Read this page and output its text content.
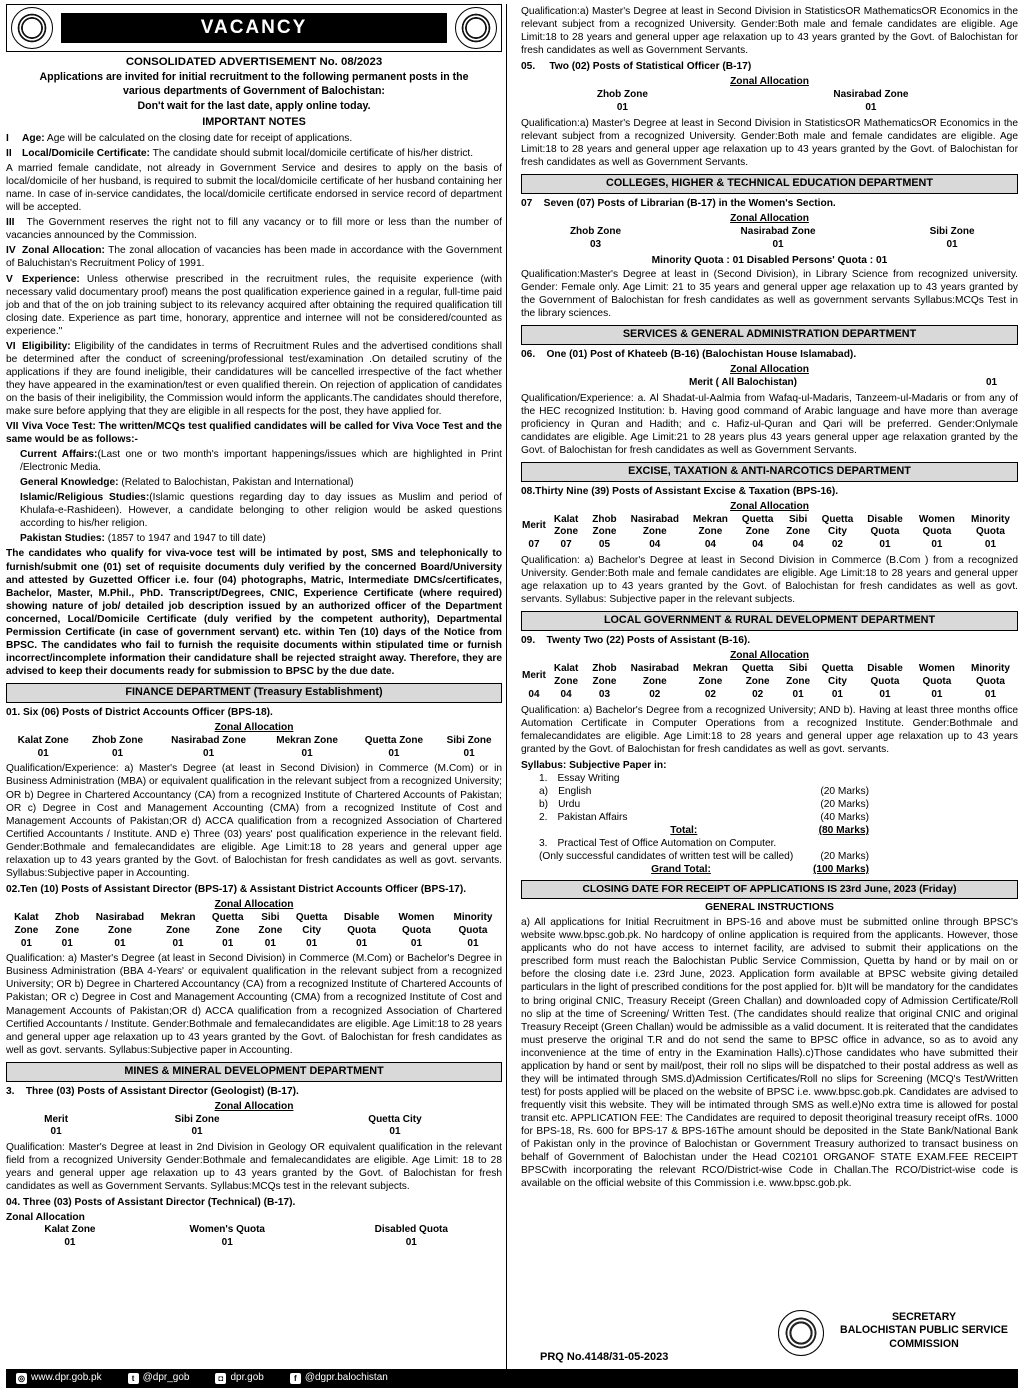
VACANCY
CONSOLIDATED ADVERTISEMENT No. 08/2023
Applications are invited for initial recruitment to the following permanent posts in the
various departments of Government of Balochistan:
Don't wait for the last date, apply online today.
IMPORTANT NOTES
I Age: Age will be calculated on the closing date for receipt of applications.
II Local/Domicile Certificate: The candidate should submit local/domicile certificate of his/her district.
A married female candidate, not already in Government Service and desires to apply on the basis of local/domicile of her husband, is required to submit the local/domicile certificate of her husband containing her name. In case of in-service candidates, the local/domicile certificate endorsed in service record of department will be accepted.
III The Government reserves the right not to fill any vacancy or to fill more or less than the number of vacancies announced by the Commission.
IV Zonal Allocation: The zonal allocation of vacancies has been made in accordance with the Government of Baluchistan's Recruitment Policy of 1991.
V Experience: Unless otherwise prescribed in the recruitment rules, the requisite experience (with necessary valid documentary proof) means the post qualification experience gained in a regular, full-time paid job and that of the on job training subject to its relevancy acquired after obtaining the required qualification till closing date. Experience as part time, honorary, apprentice and internee will not be considered/counted as experience."
VI Eligibility: Eligibility of the candidates in terms of Recruitment Rules and the advertised conditions shall be determined after the conduct of screening/professional test/examination .On detailed scrutiny of the applications if they are found ineligible, their candidatures will be cancelled irrespective of the fact whether they have appeared in the examination/test or even qualified therein. On rejection of application of candidates on the basis of their ineligibility, the Commission would inform the applicants.The candidates should therefore, make sure before applying that they are eligible in all respects for the post, they have applied for.
VII Viva Voce Test: The written/MCQs test qualified candidates will be called for Viva Voce Test and the same would be as follows:-
Current Affairs:(Last one or two month's important happenings/issues which are highlighted in Print /Electronic Media.
General Knowledge: (Related to Balochistan, Pakistan and International)
Islamic/Religious Studies:(Islamic questions regarding day to day issues as Muslim and period of Khulafa-e-Rashideen). However, a candidate belonging to other religion would be asked questions according to his/her religion.
Pakistan Studies: (1857 to 1947 and 1947 to till date)
The candidates who qualify for viva-voce test will be intimated by post, SMS and telephonically to furnish/submit one (01) set of requisite documents duly verified by the concerned Board/University and attested by Guzetted Officer i.e. four (04) photographs, Matric, Intermediate DMCs/certificates, Bachelor, Master, M.Phil., PhD. Transcript/Degrees, CNIC, Experience Certificate (where required) showing nature of job/ detailed job description issued by an authorized officer of the Department concerned, Local/Domicile Certificate (duly verified by the competent authority), Departmental Permission Certificate (in case of government servant) etc. within Ten (10) days of the Notice from BPSC. The candidates who fail to furnish the requisite documents within stipulated time or furnish incorrect/incomplete information their candidature shall be rejected straight away. Therefore, they are advised to keep their documents ready for submission to BPSC by the due date.
FINANCE DEPARTMENT (Treasury Establishment)
01. Six (06) Posts of District Accounts Officer (BPS-18).
Zonal Allocation
Kalat Zone	Zhob Zone	Nasirabad Zone	Mekran Zone	Quetta Zone	Sibi Zone
01	01	01	01	01	01
Qualification/Experience: a) Master's Degree (at least in Second Division) in Commerce (M.Com) or in Business Administration (MBA) or equivalent qualification in the relevant subject from a recognized University; OR b) Degree in Chartered Accountancy (CA) from a recognized Institute of Chartered Accounts of Pakistan; OR c) Degree in Cost and Management Accounting (CMA) from a recognized Institute of Cost and Management Accounts of Pakistan;OR d) ACCA qualification from a recognized Association of Chartered Certified Accountants / Institute. AND e) Three (03) years' post qualification experience in the relevant field. Gender:Bothmale and femalecandidates are eligible. Age Limit:18 to 28 years and general upper age relaxation up to 43 years granted by the Govt. of Balochistan for fresh candidates as well as govt. servants. Syllabus:Subjective paper in Accounting.
02.Ten (10) Posts of Assistant Director (BPS-17) & Assistant District Accounts Officer (BPS-17).
Zonal Allocation
Kalat Zone	Zhob Zone	Nasirabad Zone	Mekran Zone	Quetta Zone	Sibi Zone	Quetta City	Disable Quota	Women Quota	Minority Quota
01	01	01	01	01	01	01	01	01	01
Qualification: a) Master's Degree (at least in Second Division) in Commerce (M.Com) or Bachelor's Degree in Business Administration (BBA 4-Years' or equivalent qualification in the relevant subject from a recognized University; OR b) Degree in Chartered Accountancy (CA) from a recognized Institute of Chartered Accounts of Pakistan; OR c) Degree in Cost and Management Accounting (CMA) from a recognized Institute of Cost and Management Accounts of Pakistan;OR d) ACCA qualification from a recognized Association of Chartered Certified Accountants / Institute. Gender:Bothmale and femalecandidates are eligible. Age Limit:18 to 28 years and general upper age relaxation up to 43 years granted by the Govt. of Balochistan for fresh candidates as well as govt. servants. Syllabus:Subjective paper in Accounting.
MINES & MINERAL DEVELOPMENT DEPARTMENT
3. Three (03) Posts of Assistant Director (Geologist) (B-17).
Zonal Allocation
Merit	Sibi Zone	Quetta City
01	01	01
Qualification: Master's Degree at least in 2nd Division in Geology OR equivalent qualification in the relevant field from a recognized University Gender:Bothmale and femalecandidates are eligible. Age Limit: 18 to 28 years and general upper age relaxation up to 43 years granted by the Govt. of Balochistan for fresh candidates as well as Government Servants. Syllabus:MCQs test in the relevant subjects.
04. Three (03) Posts of Assistant Director (Technical) (B-17).
Zonal Allocation
Kalat Zone	Women's Quota	Disabled Quota
01	01	01
Qualification:a) Master's Degree at least in Second Division in StatisticsOR MathematicsOR Economics in the relevant subject from a recognized University. Gender:Both male and female candidates are eligible. Age Limit:18 to 28 years and general upper age relaxation up to 43 years granted by the Govt. of Balochistan for fresh candidates as well as Government Servants.
05. Two (02) Posts of Statistical Officer (B-17)
Zonal Allocation
Zhob Zone	Nasirabad Zone
01	01
Qualification:a) Master's Degree at least in Second Division in StatisticsOR MathematicsOR Economics in the relevant subject from a recognized University. Gender:Both male and female candidates are eligible. Age Limit:18 to 28 years and general upper age relaxation up to 43 years granted by the Govt. of Balochistan for fresh candidates as well as Government Servants.
COLLEGES, HIGHER & TECHNICAL EDUCATION DEPARTMENT
07 Seven (07) Posts of Librarian (B-17) in the Women's Section.
Zonal Allocation
Zhob Zone	Nasirabad Zone	Sibi Zone
03	01	01
Minority Quota : 01 Disabled Persons' Quota : 01
Qualification:Master's Degree at least in (Second Division), in Library Science from recognized university. Gender: Female only. Age Limit: 21 to 35 years and general upper age relaxation up to 43 years granted by the Government of Balochistan for fresh candidates as well as government servants Syllabus:MCQs Test in the library sciences.
SERVICES & GENERAL ADMINISTRATION DEPARTMENT
06. One (01) Post of Khateeb (B-16) (Balochistan House Islamabad).
Zonal Allocation
Merit ( All Balochistan)	01
Qualification/Experience: a. Al Shadat-ul-Aalmia from Wafaq-ul-Madaris, Tanzeem-ul-Madaris or from any of the HEC recognized Institution: b. Having good command of Arabic language and have more than average proficiency in Quran and Hadith; and c. Hafiz-ul-Quran and Qari will be preferred. Gender:Onlymale candidates are eligible. Age Limit:21 to 28 years plus 43 years general upper age relaxation granted by the Govt. of Balochistan for fresh candidates as well as Government Servants.
EXCISE, TAXATION & ANTI-NARCOTICS DEPARTMENT
08.Thirty Nine (39) Posts of Assistant Excise & Taxation (BPS-16).
Zonal Allocation
Merit	Kalat Zone	Zhob Zone	Nasirabad Zone	Mekran Zone	Quetta Zone	Sibi Zone	Quetta City	Disable Quota	Women Quota	Minority Quota
07	07	05	04	04	04	04	02	01	01	01
Qualification: a) Bachelor's Degree at least in Second Division in Commerce (B.Com ) from a recognized University. Gender:Both male and female candidates are eligible. Age Limit:18 to 28 years and general upper age relaxation up to 43 years granted by the Govt. of Balochistan for fresh candidates as well as govt. servants. Syllabus: Subjective paper in the relevant subjects.
LOCAL GOVERNMENT & RURAL DEVELOPMENT DEPARTMENT
09. Twenty Two (22) Posts of Assistant (B-16).
Zonal Allocation
Merit	Kalat Zone	Zhob Zone	Nasirabad Zone	Mekran Zone	Quetta Zone	Sibi Zone	Quetta City	Disable Quota	Women Quota	Minority Quota
04	04	03	02	02	02	01	01	01	01	01
Qualification: a) Bachelor's Degree from a recognized University; AND b). Having at least three months office Automation Certificate in Computer Operations from a recognized Institute. Gender:Bothmale and femalecandidates are eligible. Age Limit:18 to 28 years and general upper age relaxation up to 43 years granted by the Govt. of Balochistan for fresh candidates as well as govt. servants.
Syllabus: Subjective Paper in:
1. Essay Writing
a) English	(20 Marks)
b) Urdu	(20 Marks)
2. Pakistan Affairs	(40 Marks)
Total:	(80 Marks)
3. Practical Test of Office Automation on Computer.
(Only successful candidates of written test will be called)	(20 Marks)
Grand Total:	(100 Marks)
CLOSING DATE FOR RECEIPT OF APPLICATIONS IS 23rd June, 2023 (Friday)
GENERAL INSTRUCTIONS
a) All applications for Initial Recruitment in BPS-16 and above must be submitted online through BPSC's website www.bpsc.gob.pk. No hardcopy of online application is required from the applicants. However, those applicants who do not have access to internet facility, are advised to submit their applications on the prescribed form must reach the Balochistan Public Service Commission, Quetta by hand or by mail on or before the closing date i.e. 23rd June, 2023. Application form available at BPSC website giving detailed particulars in the light of prescribed conditions for the post applied for. b)It will be mandatory for the candidates to bring original CNIC, Treasury Receipt (Green Challan) and downloaded copy of Admission Certificate/Roll no slip at the time of Screening/ Written Test. (The candidates should realize that original CNIC and original Treasury Receipt (Green Challan) would be admissible as a valid document. It is reiterated that the candidates must preserve the original T.R and do not send the same to BPSC office in advance, so as to avoid any inconvenience at the time of entry in the Examination Halls).c)Those candidates who have submitted their application by hand or sent by mail/post, their roll no slips will be dispatched to their postal address as well as they will be intimated through SMS.d)Admission Certificates/Roll no slips for Screening (MCQ's Test/Written test) for posts applied will be placed on the website of BPSC i.e. www.bpsc.gob.pk. Candidates are advised to frequently visit this website. They will be intimated through SMS as well.e)No extra time is allowed for postal transit etc. APPLICATION FEE: The Candidates are required to deposit theoriginal treasury receipt ofRs. 1000 for BPS-18, Rs. 600 for BPS-17 & BPS-16The amount should be deposited in the State Bank/National Bank of Pakistan only in the province of Balochistan or Government Treasury authorized to transact business on behalf of Government of Balochistan under the Head C02101 ORGANOF STATE EXAM.FEE RECEIPT BPSCwith incorporating the relevant RCO/District-wise Code in Challan.The RCO/District-wise code is available on the official website of this Commission i.e. www.bpsc.gob.pk.
SECRETARY
BALOCHISTAN PUBLIC SERVICE
COMMISSION
PRQ No.4148/31-05-2023
◎ www.dpr.gob.pk	t @dpr_gob	◘ dpr.gob	f @dgpr.balochistan
